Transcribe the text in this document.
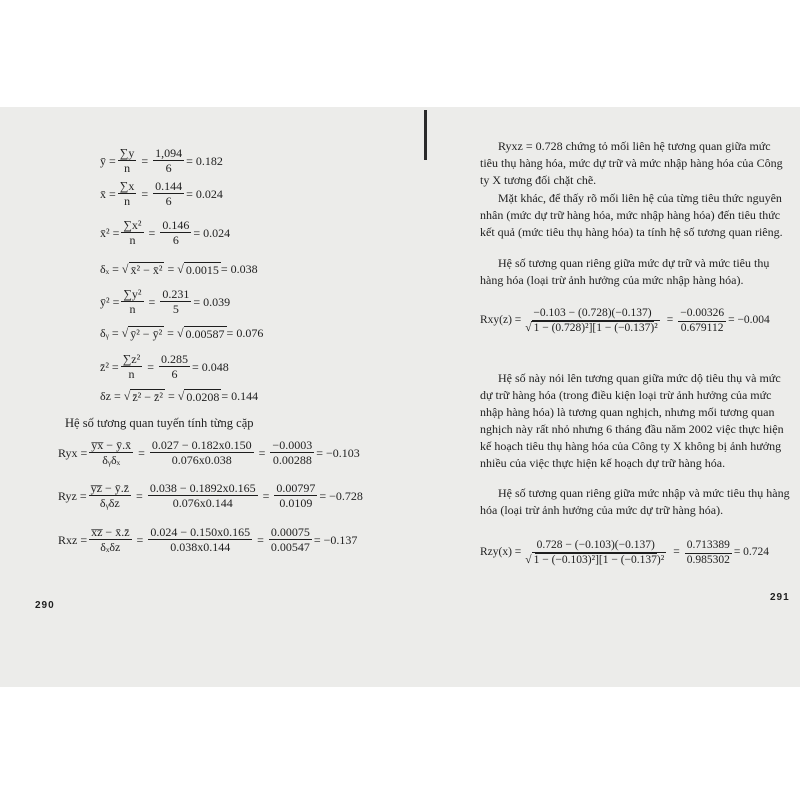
ȳ = $\frac{\sum y}{n} = \frac{1,094}{6} = 0.182$
x̄ = $\frac{\sum x}{n} = \frac{0.144}{6} = 0.024$
x̄² = $\frac{\text{∑x²}}{n} = \frac{0.146}{6} = 0.024$
δₓ = √ x̄² − x̄² = √ 0.0015 = 0.038
ȳ² = $\frac{\text{∑y²}}{n} = \frac{0.231}{5} = 0.039$
δᵧ = √ ȳ² − ȳ² = √ 0.00587 = 0.076
z̄² = $\frac{\text{∑z²}}{n} = \frac{0.285}{6} = 0.048$
δz = √ z̄² − z̄² = √ 0.0208 = 0.144
Hệ số tương quan tuyến tính từng cặp
Ryx = $\frac{y̅x̅ - ȳ.x̄}{\text{δᵧδₓ}} = \frac{0.027 - 0.182x0.150}{0.076x0.038} = \frac{-0.0003}{0.00288} = -0.103$
Ryz = $\frac{y̅z̅ - ȳ.z̄}{\text{δᵧδz}} = \frac{0.038 - 0.1892x0.165}{0.076x0.144} = \frac{0.00797}{0.0109} = -0.728$
Rxz = $\frac{x̅z̅ - x̄.z̄}{\text{δₓδz}} = \frac{0.024 - 0.150x0.165}{0.038x0.144} = \frac{0.00075}{0.00547} = -0.137$
290

Ryxz = 0.728 chứng tỏ mối liên hệ tương quan giữa mức tiêu thụ hàng hóa, mức dự trữ và mức nhập hàng hóa của Công ty X tương đối chặt chẽ.

Mặt khác, để thấy rõ mối liên hệ của từng tiêu thức nguyên nhân (mức dự trữ hàng hóa, mức nhập hàng hóa) đến tiêu thức kết quả (mức tiêu thụ hàng hóa) ta tính hệ số tương quan riêng.

Hệ số tương quan riêng giữa mức dự trữ và mức tiêu thụ hàng hóa (loại trừ ảnh hưởng của mức nhập hàng hóa).

$Rxy(z) = \frac{-0.103 - (0.728)(-0.137)}{\text{√ 1 − (0.728)²][1 − (−0.137)²}} = \frac{-0.00326}{0.679112} = -0.004$

Hệ số này nói lên tương quan giữa mức dộ tiêu thụ và mức dự trữ hàng hóa (trong điều kiện loại trừ ảnh hưởng của mức nhập hàng hóa) là tương quan nghịch, nhưng mối tương quan nghịch này rất nhỏ nhưng 6 tháng đầu năm 2002 việc thực hiện kế hoạch tiêu thụ hàng hóa của Công ty X không bị ảnh hưởng nhiều của việc thực hiện kế hoạch dự trữ hàng hóa.

Hệ số tương quan riêng giữa mức nhập và mức tiêu thụ hàng hóa (loại trừ ảnh hưởng của mức dự trữ hàng hóa).

$Rzy(x) = \frac{0.728 - (-0.103)(-0.137)}{\text{√ 1 − (−0.103)²][1 − (−0.137)²}} = \frac{0.713389}{0.985302} = 0.724$
291
